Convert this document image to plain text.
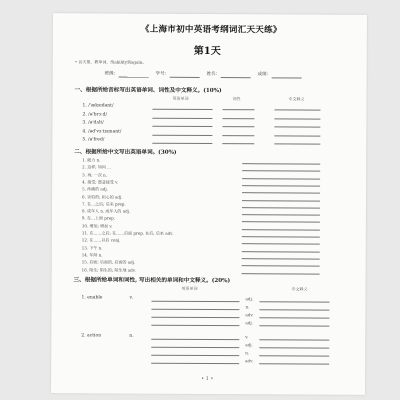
《上海市初中英语考纲词汇天天练》
第1天
• 音天第，教单词，练ability到again。
班级：	学号：	姓名：	成绩：
一、根据所给音标写出英语单词、词性及中文释义。(10%)
英语单词	词性	中文释义
1. /'æksɪdənt/
2. /ə'brɔːd/
3. /ə'dʌlt/
4. /əd'vɜːtɪsmənt/
5. /ə'fred/
二、根据所给中文写出英语单词。(30%)
1. 能力 n.
2. 这样; 如何 ...
3. 再; 一次 n.
4. 接受; 愿意接受 v.
5. 疼痛的 adj.
6. 害怕的; 担心的 adj.
7. 在…之后; 后来 prep.
8. 成年人 n. 成年人的 adj.
9. 在…上面 prep.
10. 增加; 增加 v.
11. 在……之后; 在……后面 prep. 在后; 后来 adv.
12. 在……以后 conj.
13. 下午 n.
14. 年龄 n.
15. 后面; 后面的, 后面的 adj.
16. 陌生; 陌生的; 陌生地 adv.
三、根据所给单词和词性, 写出相关的单词和中文释义。(20%)
英语单词	中文释义
1. enable	v.	adj.
n.
adv.
adj.
2. action	n.	v.
adj.
n.
adv.
• 1 •
